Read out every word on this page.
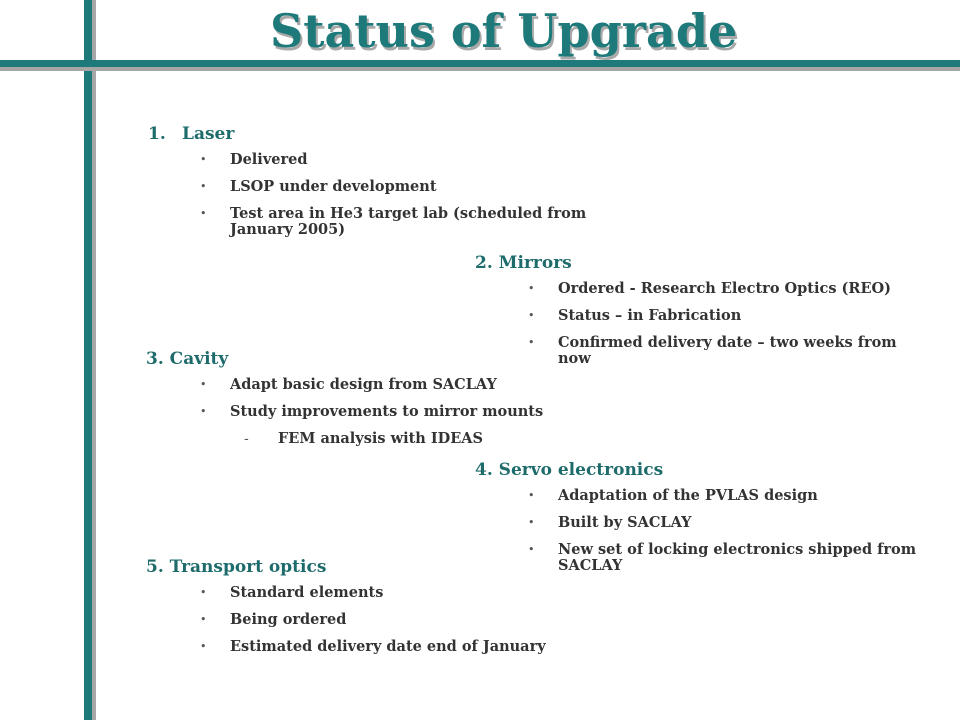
Status of Upgrade
1. Laser
• Delivered
• LSOP under development
• Test area in He3 target lab (scheduled from January 2005)
2. Mirrors
• Ordered - Research Electro Optics (REO)
• Status – in Fabrication
• Confirmed delivery date – two weeks from now
3. Cavity
• Adapt basic design from SACLAY
• Study improvements to mirror mounts
- FEM analysis with IDEAS
4. Servo electronics
• Adaptation of the PVLAS design
• Built by SACLAY
• New set of locking electronics shipped from SACLAY
5. Transport optics
• Standard elements
• Being ordered
• Estimated delivery date end of January
